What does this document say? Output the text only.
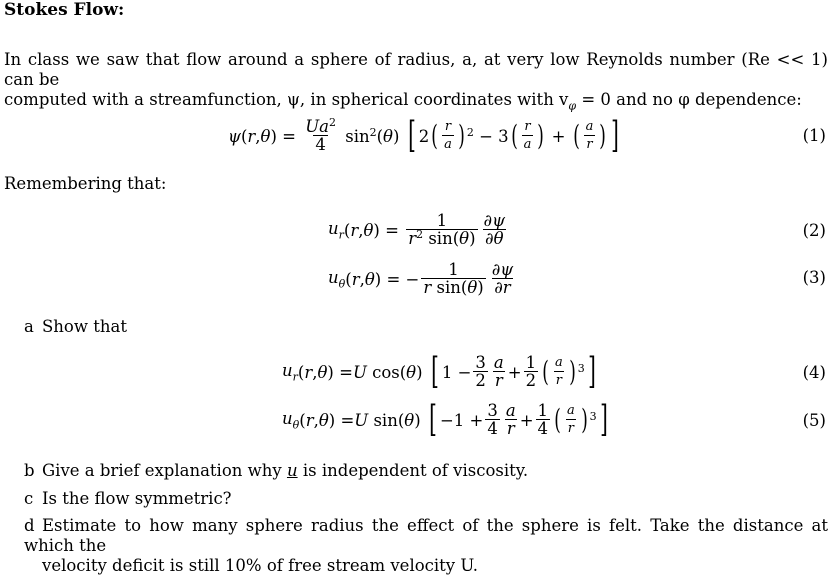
Stokes Flow:
In class we saw that flow around a sphere of radius, a, at very low Reynolds number (Re << 1) can be
computed with a streamfunction, ψ, in spherical coordinates with $v_\varphi = 0$ and no φ dependence:
ψ ( r , θ ) = $\frac{Ua^2}{4} \sin^2$ ( θ ) [ 2 ( $\frac{r}{a} )^2 - 3$ ( $\frac{r}{a}$ ) + ( $\frac{a}{r}$ ) ]	(1)
Remembering that:
$u_r$ ( r , θ ) = $\frac{1}{r^2 \sin(\theta)} \frac{\partial\psi}{\partial\theta}$	(2)
$u_\theta$ ( r , θ ) = − $\frac{1}{\text{r sin(θ)}} \frac{\partial\psi}{\partial r}$	(3)
a Show that
$u_r$ ( r , θ ) = U cos( θ ) [ $1 - \frac{3}{2} \frac{a}{r} + \frac{1}{2}$ ( $\frac{a}{r} )^3$ ]	(4)
$u_\theta$ ( r , θ ) = U sin( θ ) [ $-1 + \frac{3}{4} \frac{a}{r} + \frac{1}{4}$ ( $\frac{a}{r} )^3$ ]	(5)
b Give a brief explanation why u is independent of viscosity.
c Is the flow symmetric?
d Estimate to how many sphere radius the effect of the sphere is felt. Take the distance at which the
velocity deficit is still 10% of free stream velocity U.
